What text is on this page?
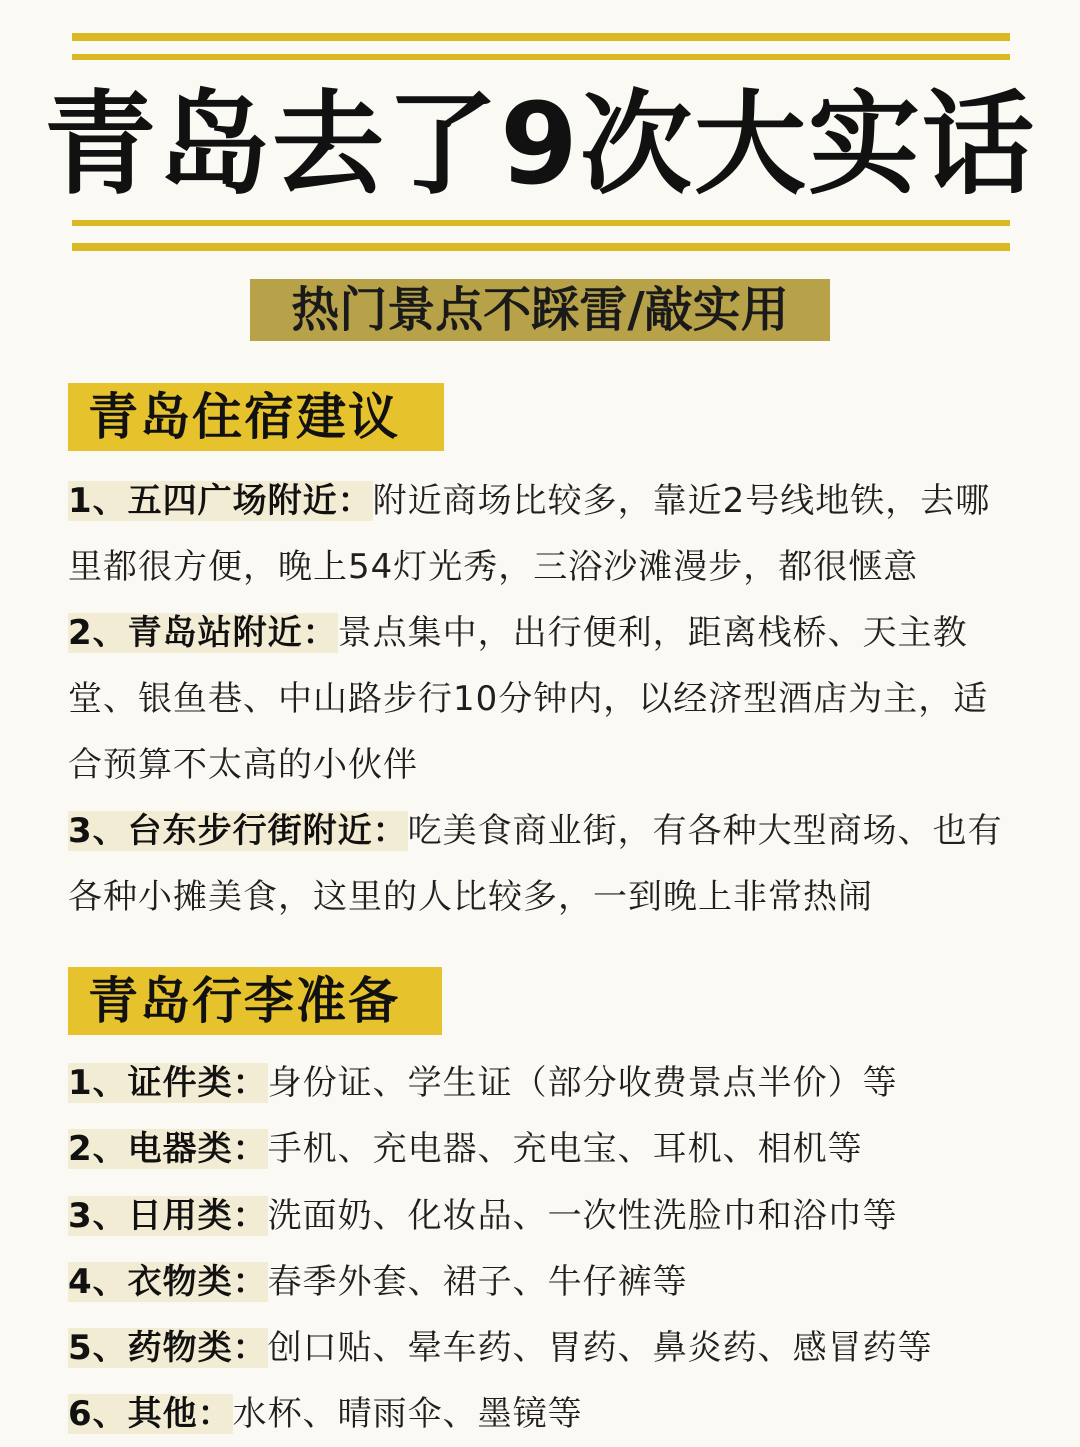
青岛去了9次大实话
热门景点不踩雷/敲实用
青岛住宿建议
1、五四广场附近：附近商场比较多，靠近2号线地铁，去哪里都很方便，晚上54灯光秀，三浴沙滩漫步，都很惬意
2、青岛站附近：景点集中，出行便利，距离栈桥、天主教堂、银鱼巷、中山路步行10分钟内，以经济型酒店为主，适合预算不太高的小伙伴
3、台东步行街附近：吃美食商业街，有各种大型商场、也有各种小摊美食，这里的人比较多，一到晚上非常热闹
青岛行李准备
1、证件类：身份证、学生证（部分收费景点半价）等
2、电器类：手机、充电器、充电宝、耳机、相机等
3、日用类：洗面奶、化妆品、一次性洗脸巾和浴巾等
4、衣物类：春季外套、裙子、牛仔裤等
5、药物类：创口贴、晕车药、胃药、鼻炎药、感冒药等
6、其他：水杯、晴雨伞、墨镜等
